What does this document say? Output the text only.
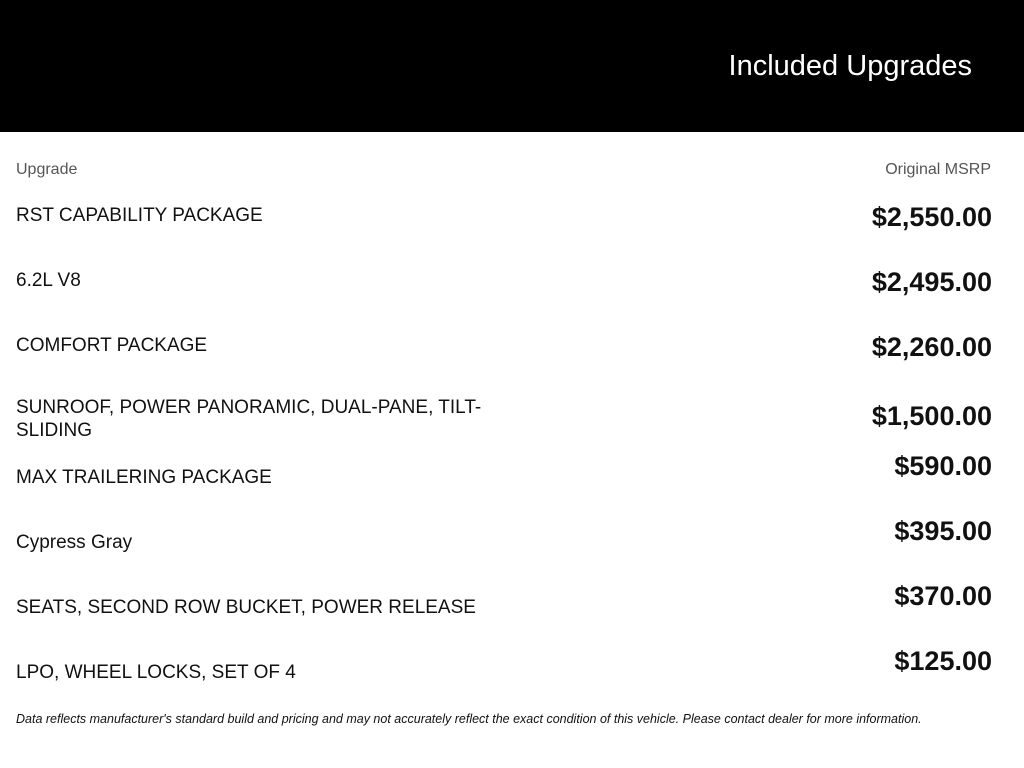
Included Upgrades
Upgrade	Original MSRP
RST CAPABILITY PACKAGE	$2,550.00
6.2L V8	$2,495.00
COMFORT PACKAGE	$2,260.00
SUNROOF, POWER PANORAMIC, DUAL-PANE, TILT-SLIDING	$1,500.00
MAX TRAILERING PACKAGE	$590.00
Cypress Gray	$395.00
SEATS, SECOND ROW BUCKET, POWER RELEASE	$370.00
LPO, WHEEL LOCKS, SET OF 4	$125.00
Data reflects manufacturer's standard build and pricing and may not accurately reflect the exact condition of this vehicle. Please contact dealer for more information.
